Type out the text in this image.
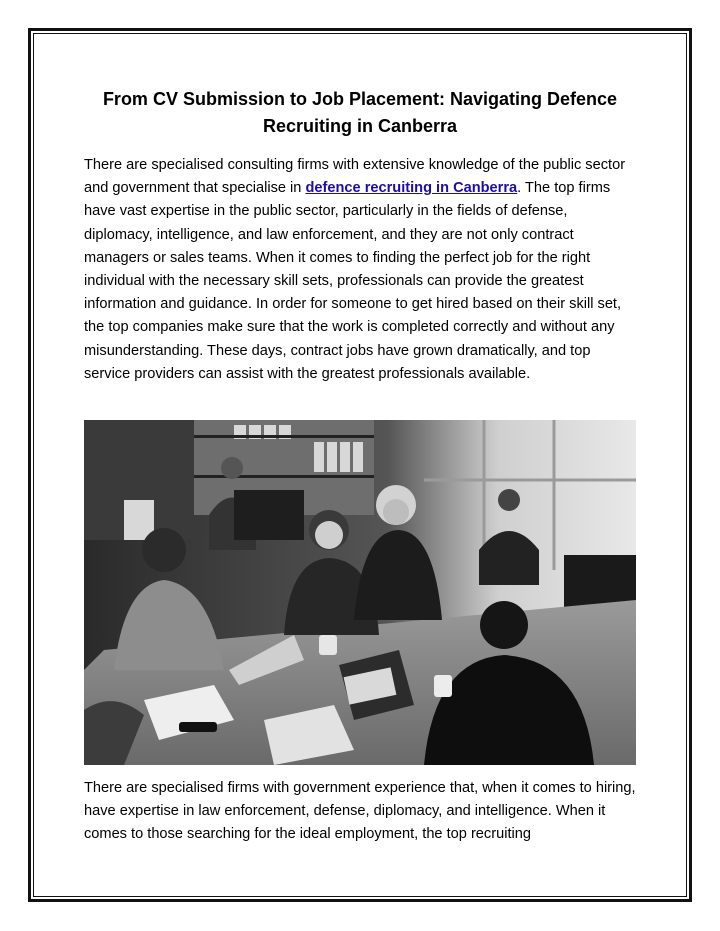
From CV Submission to Job Placement: Navigating Defence Recruiting in Canberra

There are specialised consulting firms with extensive knowledge of the public sector and government that specialise in defence recruiting in Canberra. The top firms have vast expertise in the public sector, particularly in the fields of defense, diplomacy, intelligence, and law enforcement, and they are not only contract managers or sales teams. When it comes to finding the perfect job for the right individual with the necessary skill sets, professionals can provide the greatest information and guidance. In order for someone to get hired based on their skill set, the top companies make sure that the work is completed correctly and without any misunderstanding. These days, contract jobs have grown dramatically, and top service providers can assist with the greatest professionals available.

There are specialised firms with government experience that, when it comes to hiring, have expertise in law enforcement, defense, diplomacy, and intelligence. When it comes to those searching for the ideal employment, the top recruiting
